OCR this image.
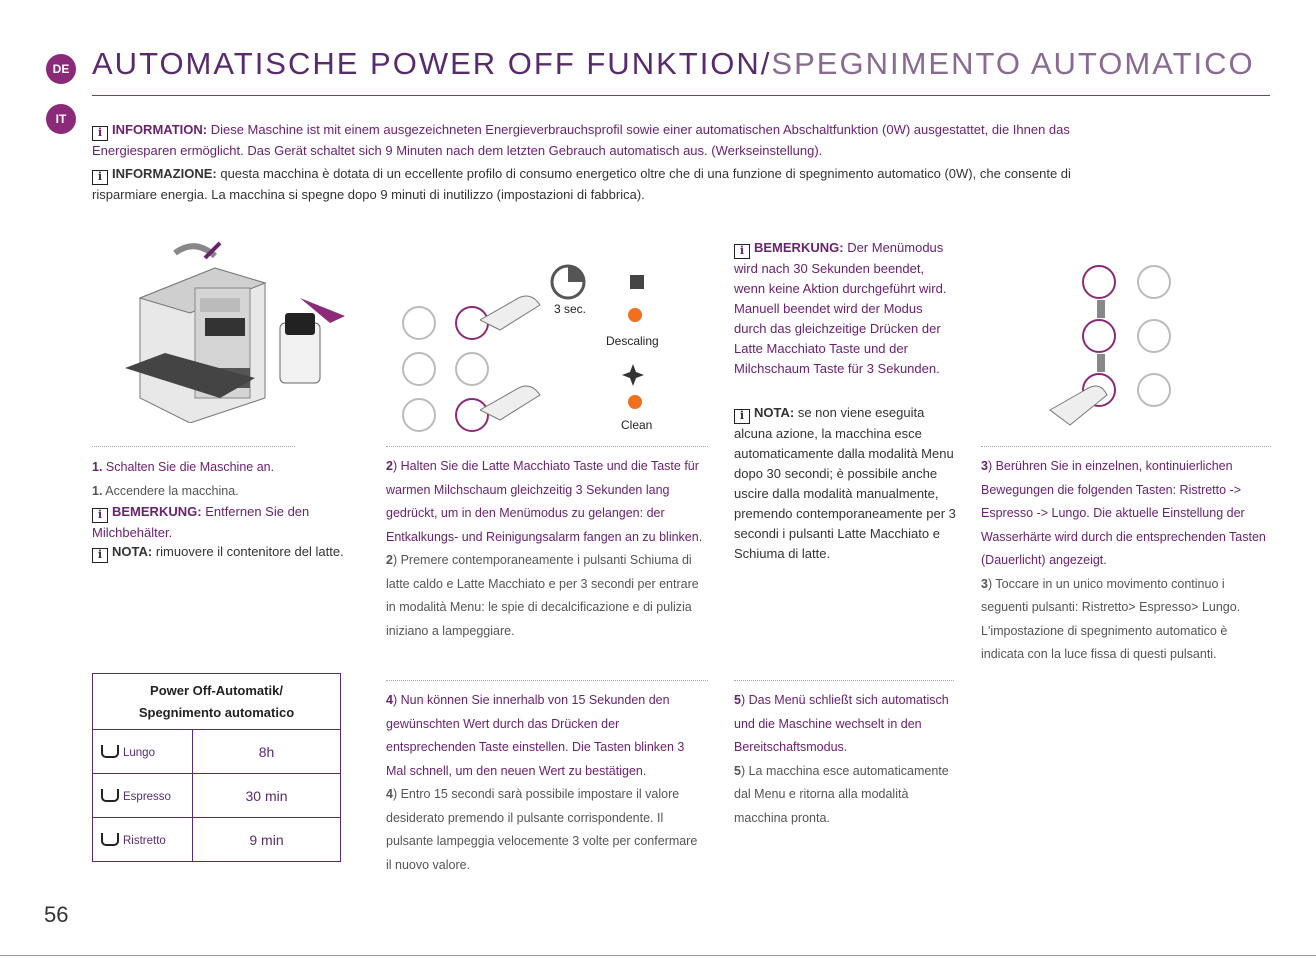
DE
IT
AUTOMATISCHE POWER OFF FUNKTION/SPEGNIMENTO AUTOMATICO
i INFORMATION: Diese Maschine ist mit einem ausgezeichneten Energieverbrauchsprofil sowie einer automatischen Abschaltfunktion (0W) ausgestattet, die Ihnen das Energiesparen ermöglicht. Das Gerät schaltet sich 9 Minuten nach dem letzten Gebrauch automatisch aus. (Werkseinstellung).
i INFORMAZIONE: questa macchina è dotata di un eccellente profilo di consumo energetico oltre che di una funzione di spegnimento automatico (0W), che consente di risparmiare energia. La macchina si spegne dopo 9 minuti di inutilizzo (impostazioni di fabbrica).
1. Schalten Sie die Maschine an.
1. Accendere la macchina.
i BEMERKUNG: Entfernen Sie den Milchbehälter.
i NOTA: rimuovere il contenitore del latte.
3 sec.
Descaling
Clean
2) Halten Sie die Latte Macchiato Taste und die Taste für warmen Milchschaum gleichzeitig 3 Sekunden lang gedrückt, um in den Menümodus zu gelangen: der Entkalkungs- und Reinigungsalarm fangen an zu blinken.
2) Premere contemporaneamente i pulsanti Schiuma di latte caldo e Latte Macchiato e per 3 secondi per entrare in modalità Menu: le spie di decalcificazione e di pulizia iniziano a lampeggiare.
i BEMERKUNG: Der Menümodus wird nach 30 Sekunden beendet, wenn keine Aktion durchgeführt wird. Manuell beendet wird der Modus durch das gleichzeitige Drücken der Latte Macchiato Taste und der Milchschaum Taste für 3 Sekunden.
i NOTA: se non viene eseguita alcuna azione, la macchina esce automaticamente dalla modalità Menu dopo 30 secondi; è possibile anche uscire dalla modalità manualmente, premendo contemporaneamente per 3 secondi i pulsanti Latte Macchiato e Schiuma di latte.
3) Berühren Sie in einzelnen, kontinuierlichen Bewegungen die folgenden Tasten: Ristretto -> Espresso -> Lungo. Die aktuelle Einstellung der Wasserhärte wird durch die entsprechenden Tasten (Dauerlicht) angezeigt.
3) Toccare in un unico movimento continuo i seguenti pulsanti: Ristretto> Espresso> Lungo. L'impostazione di spegnimento automatico è indicata con la luce fissa di questi pulsanti.
Power Off-Automatik/
Spegnimento automatico	
Lungo	8h
Espresso	30 min
Ristretto	9 min
4) Nun können Sie innerhalb von 15 Sekunden den gewünschten Wert durch das Drücken der entsprechenden Taste einstellen. Die Tasten blinken 3 Mal schnell, um den neuen Wert zu bestätigen.
4) Entro 15 secondi sarà possibile impostare il valore desiderato premendo il pulsante corrispondente. Il pulsante lampeggia velocemente 3 volte per confermare il nuovo valore.
5) Das Menü schließt sich automatisch und die Maschine wechselt in den Bereitschaftsmodus.
5) La macchina esce automaticamente dal Menu e ritorna alla modalità macchina pronta.
56
